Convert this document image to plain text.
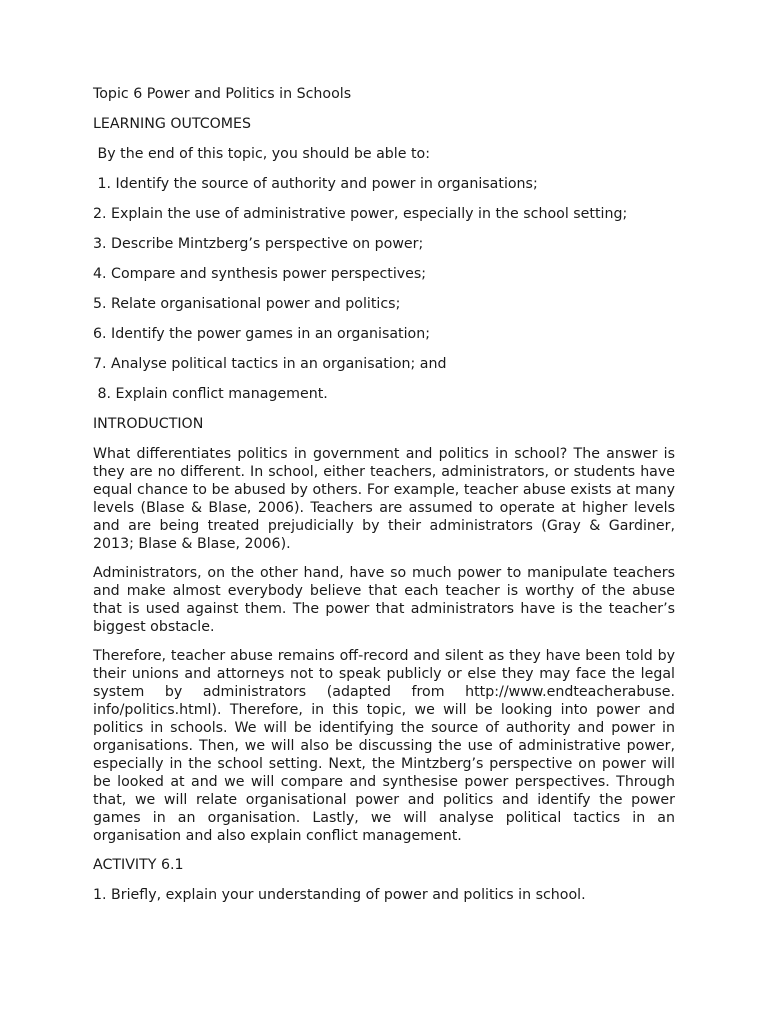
Topic 6 Power and Politics in Schools
LEARNING OUTCOMES
By the end of this topic, you should be able to:
1. Identify the source of authority and power in organisations;
2. Explain the use of administrative power, especially in the school setting;
3. Describe Mintzberg’s perspective on power;
4. Compare and synthesis power perspectives;
5. Relate organisational power and politics;
6. Identify the power games in an organisation;
7. Analyse political tactics in an organisation; and
8. Explain conflict management.
INTRODUCTION

What differentiates politics in government and politics in school? The answer is they are no different. In school, either teachers, administrators, or students have equal chance to be abused by others. For example, teacher abuse exists at many levels (Blase & Blase, 2006). Teachers are assumed to operate at higher levels and are being treated prejudicially by their administrators (Gray & Gardiner, 2013; Blase & Blase, 2006).

Administrators, on the other hand, have so much power to manipulate teachers and make almost everybody believe that each teacher is worthy of the abuse that is used against them. The power that administrators have is the teacher’s biggest obstacle.

Therefore, teacher abuse remains off-record and silent as they have been told by their unions and attorneys not to speak publicly or else they may face the legal system by administrators (adapted from http://www.endteacherabuse. info/politics.html). Therefore, in this topic, we will be looking into power and politics in schools. We will be identifying the source of authority and power in organisations. Then, we will also be discussing the use of administrative power, especially in the school setting. Next, the Mintzberg’s perspective on power will be looked at and we will compare and synthesise power perspectives. Through that, we will relate organisational power and politics and identify the power games in an organisation. Lastly, we will analyse political tactics in an organisation and also explain conflict management.

ACTIVITY 6.1
1. Briefly, explain your understanding of power and politics in school.
